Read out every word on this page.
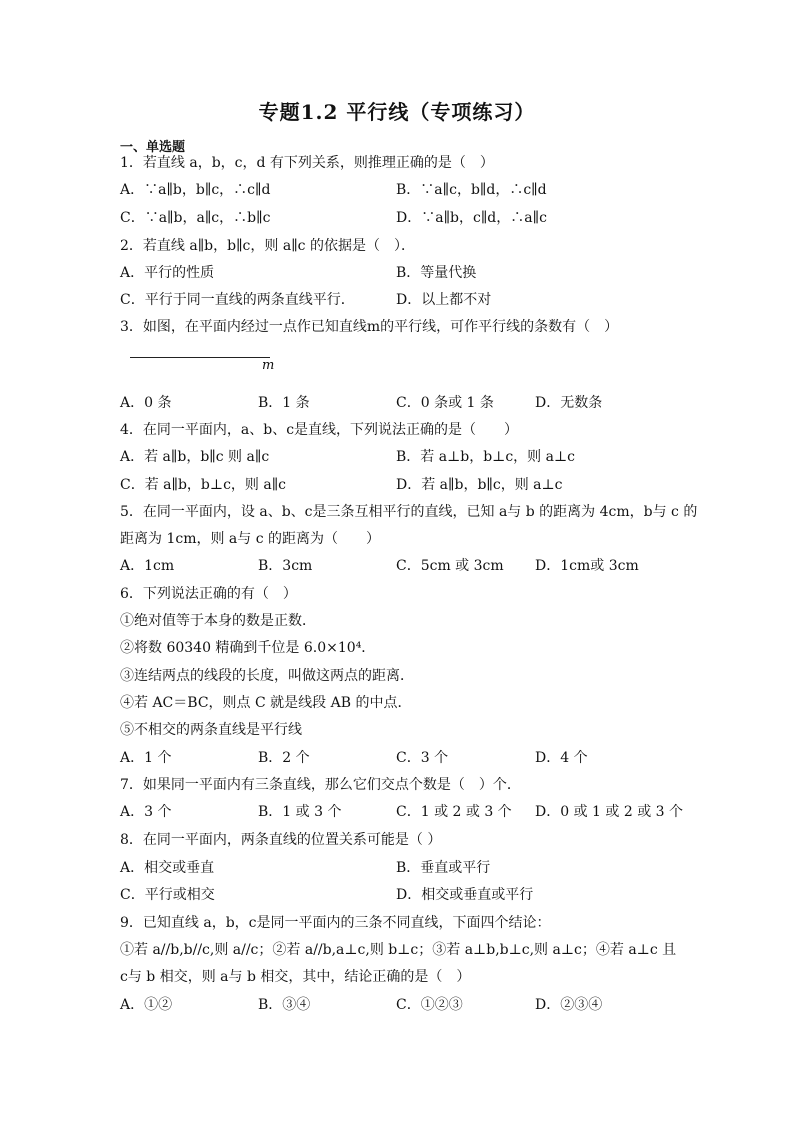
专题1.2 平行线（专项练习）
一、单选题
1．若直线 a，b，c，d 有下列关系，则推理正确的是（　）
A．∵a∥b，b∥c，∴c∥d	B．∵a∥c，b∥d，∴c∥d
C．∵a∥b，a∥c，∴b∥c	D．∵a∥b，c∥d，∴a∥c
2．若直线 a∥b，b∥c，则 a∥c 的依据是（　）．
A．平行的性质	B．等量代换
C．平行于同一直线的两条直线平行．	D．以上都不对
3．如图，在平面内经过一点作已知直线m的平行线，可作平行线的条数有（　）
m
A．0 条	B．1 条	C．0 条或 1 条	D．无数条
4．在同一平面内，a、b、c是直线，下列说法正确的是（　　）
A．若 a∥b，b∥c 则 a∥c	B．若 a⊥b，b⊥c，则 a⊥c
C．若 a∥b，b⊥c，则 a∥c	D．若 a∥b，b∥c，则 a⊥c
5．在同一平面内，设 a、b、c是三条互相平行的直线，已知 a与 b 的距离为 4cm，b与 c 的
距离为 1cm，则 a与 c 的距离为（　　）
A．1cm	B．3cm	C．5cm 或 3cm D．1cm或 3cm
6．下列说法正确的有（　）
①绝对值等于本身的数是正数．
②将数 60340 精确到千位是 6.0×10⁴．
③连结两点的线段的长度，叫做这两点的距离．
④若 AC＝BC，则点 C 就是线段 AB 的中点．
⑤不相交的两条直线是平行线
A．1 个	B．2 个	C．3 个	D．4 个
7．如果同一平面内有三条直线，那么它们交点个数是（　）个．
A．3 个	B．1 或 3 个	C．1 或 2 或 3 个 D．0 或 1 或 2 或 3 个
8．在同一平面内，两条直线的位置关系可能是（ ）
A．相交或垂直	B．垂直或平行
C．平行或相交	D．相交或垂直或平行
9．已知直线 a，b，c是同一平面内的三条不同直线，下面四个结论：
①若 a//b,b//c,则 a//c；②若 a//b,a⊥c,则 b⊥c；③若 a⊥b,b⊥c,则 a⊥c；④若 a⊥c 且
c与 b 相交，则 a与 b 相交，其中，结论正确的是（　）
A．①②	B．③④	C．①②③	D．②③④
